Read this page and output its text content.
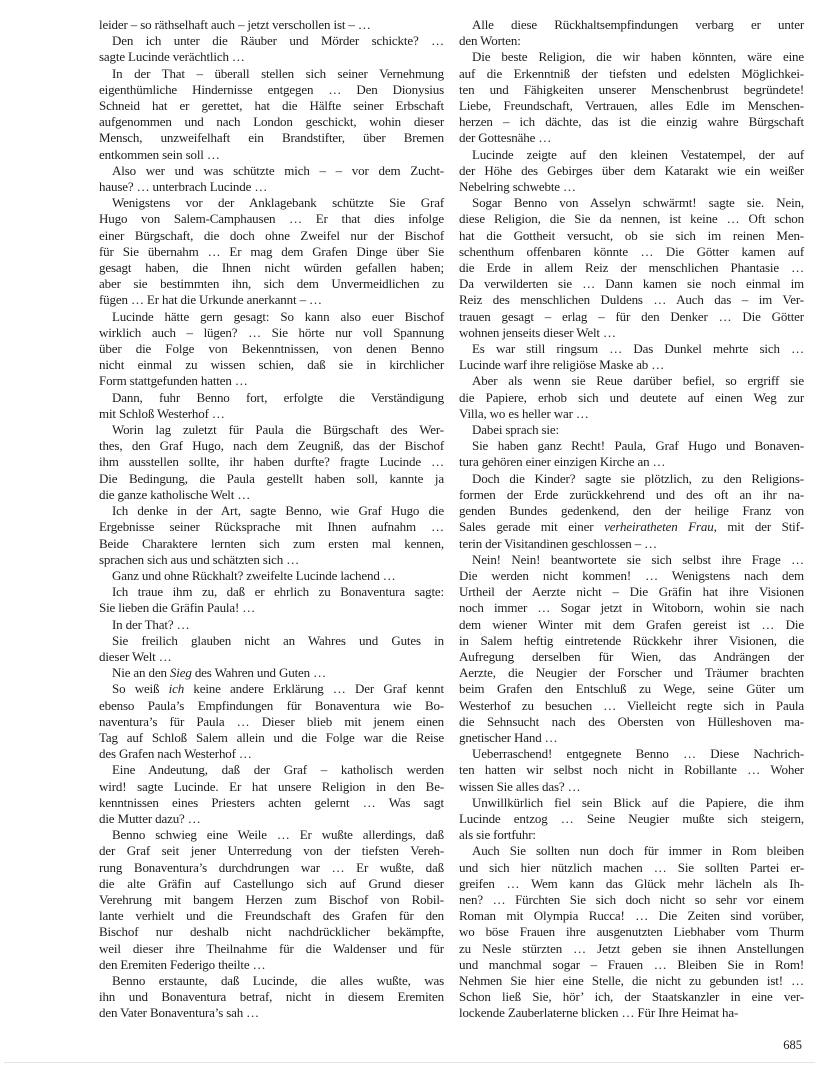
leider – so räthselhaft auch – jetzt verschollen ist – …
Den ich unter die Räuber und Mörder schickte? …
sagte Lucinde verächtlich …
In der That – überall stellen sich seiner Vernehmung
eigenthümliche Hindernisse entgegen … Den Dionysius
Schneid hat er gerettet, hat die Hälfte seiner Erbschaft
aufgenommen und nach London geschickt, wohin dieser
Mensch, unzweifelhaft ein Brandstifter, über Bremen
entkommen sein soll …
Also wer und was schützte mich – – vor dem Zucht-
hause? … unterbrach Lucinde …
Wenigstens vor der Anklagebank schützte Sie Graf
Hugo von Salem-Camphausen … Er that dies infolge
einer Bürgschaft, die doch ohne Zweifel nur der Bischof
für Sie übernahm … Er mag dem Grafen Dinge über Sie
gesagt haben, die Ihnen nicht würden gefallen haben;
aber sie bestimmten ihn, sich dem Unvermeidlichen zu
fügen … Er hat die Urkunde anerkannt – …
Lucinde hätte gern gesagt: So kann also euer Bischof
wirklich auch – lügen? … Sie hörte nur voll Spannung
über die Folge von Bekenntnissen, von denen Benno
nicht einmal zu wissen schien, daß sie in kirchlicher
Form stattgefunden hatten …
Dann, fuhr Benno fort, erfolgte die Verständigung
mit Schloß Westerhof …
Worin lag zuletzt für Paula die Bürgschaft des Wer-
thes, den Graf Hugo, nach dem Zeugniß, das der Bischof
ihm ausstellen sollte, ihr haben durfte? fragte Lucinde …
Die Bedingung, die Paula gestellt haben soll, kannte ja
die ganze katholische Welt …
Ich denke in der Art, sagte Benno, wie Graf Hugo die
Ergebnisse seiner Rücksprache mit Ihnen aufnahm …
Beide Charaktere lernten sich zum ersten mal kennen,
sprachen sich aus und schätzten sich …
Ganz und ohne Rückhalt? zweifelte Lucinde lachend …
Ich traue ihm zu, daß er ehrlich zu Bonaventura sagte:
Sie lieben die Gräfin Paula! …
In der That? …
Sie freilich glauben nicht an Wahres und Gutes in
dieser Welt …
Nie an den Sieg des Wahren und Guten …
So weiß ich keine andere Erklärung … Der Graf kennt
ebenso Paula’s Empfindungen für Bonaventura wie Bo-
naventura’s für Paula … Dieser blieb mit jenem einen
Tag auf Schloß Salem allein und die Folge war die Reise
des Grafen nach Westerhof …
Eine Andeutung, daß der Graf – katholisch werden
wird! sagte Lucinde. Er hat unsere Religion in den Be-
kenntnissen eines Priesters achten gelernt … Was sagt
die Mutter dazu? …
Benno schwieg eine Weile … Er wußte allerdings, daß
der Graf seit jener Unterredung von der tiefsten Vereh-
rung Bonaventura’s durchdrungen war … Er wußte, daß
die alte Gräfin auf Castellungo sich auf Grund dieser
Verehrung mit bangem Herzen zum Bischof von Robil-
lante verhielt und die Freundschaft des Grafen für den
Bischof nur deshalb nicht nachdrücklicher bekämpfte,
weil dieser ihre Theilnahme für die Waldenser und für
den Eremiten Federigo theilte …
Benno erstaunte, daß Lucinde, die alles wußte, was
ihn und Bonaventura betraf, nicht in diesem Eremiten
den Vater Bonaventura’s sah …
Alle diese Rückhaltsempfindungen verbarg er unter
den Worten:
Die beste Religion, die wir haben könnten, wäre eine
auf die Erkenntniß der tiefsten und edelsten Möglichkei-
ten und Fähigkeiten unserer Menschenbrust begründete!
Liebe, Freundschaft, Vertrauen, alles Edle im Menschen-
herzen – ich dächte, das ist die einzig wahre Bürgschaft
der Gottesnähe …
Lucinde zeigte auf den kleinen Vestatempel, der auf
der Höhe des Gebirges über dem Katarakt wie ein weißer
Nebelring schwebte …
Sogar Benno von Asselyn schwärmt! sagte sie. Nein,
diese Religion, die Sie da nennen, ist keine … Oft schon
hat die Gottheit versucht, ob sie sich im reinen Men-
schenthum offenbaren könnte … Die Götter kamen auf
die Erde in allem Reiz der menschlichen Phantasie …
Da verwilderten sie … Dann kamen sie noch einmal im
Reiz des menschlichen Duldens … Auch das – im Ver-
trauen gesagt – erlag – für den Denker … Die Götter
wohnen jenseits dieser Welt …
Es war still ringsum … Das Dunkel mehrte sich …
Lucinde warf ihre religiöse Maske ab …
Aber als wenn sie Reue darüber befiel, so ergriff sie
die Papiere, erhob sich und deutete auf einen Weg zur
Villa, wo es heller war …
Dabei sprach sie:
Sie haben ganz Recht! Paula, Graf Hugo und Bonaven-
tura gehören einer einzigen Kirche an …
Doch die Kinder? sagte sie plötzlich, zu den Religions-
formen der Erde zurückkehrend und des oft an ihr na-
genden Bundes gedenkend, den der heilige Franz von
Sales gerade mit einer verheiratheten Frau, mit der Stif-
terin der Visitandinen geschlossen – …
Nein! Nein! beantwortete sie sich selbst ihre Frage …
Die werden nicht kommen! … Wenigstens nach dem
Urtheil der Aerzte nicht – Die Gräfin hat ihre Visionen
noch immer … Sogar jetzt in Witoborn, wohin sie nach
dem wiener Winter mit dem Grafen gereist ist … Die
in Salem heftig eintretende Rückkehr ihrer Visionen, die
Aufregung derselben für Wien, das Andrängen der
Aerzte, die Neugier der Forscher und Träumer brachten
beim Grafen den Entschluß zu Wege, seine Güter um
Westerhof zu besuchen … Vielleicht regte sich in Paula
die Sehnsucht nach des Obersten von Hülleshoven ma-
gnetischer Hand …
Ueberraschend! entgegnete Benno … Diese Nachrich-
ten hatten wir selbst noch nicht in Robillante … Woher
wissen Sie alles das? …
Unwillkürlich fiel sein Blick auf die Papiere, die ihm
Lucinde entzog … Seine Neugier mußte sich steigern,
als sie fortfuhr:
Auch Sie sollten nun doch für immer in Rom bleiben
und sich hier nützlich machen … Sie sollten Partei er-
greifen … Wem kann das Glück mehr lächeln als Ih-
nen? … Fürchten Sie sich doch nicht so sehr vor einem
Roman mit Olympia Rucca! … Die Zeiten sind vorüber,
wo böse Frauen ihre ausgenutzten Liebhaber vom Thurm
zu Nesle stürzten … Jetzt geben sie ihnen Anstellungen
und manchmal sogar – Frauen … Bleiben Sie in Rom!
Nehmen Sie hier eine Stelle, die nicht zu gebunden ist! …
Schon ließ Sie, hör’ ich, der Staatskanzler in eine ver-
lockende Zauberlaterne blicken … Für Ihre Heimat ha-
685
